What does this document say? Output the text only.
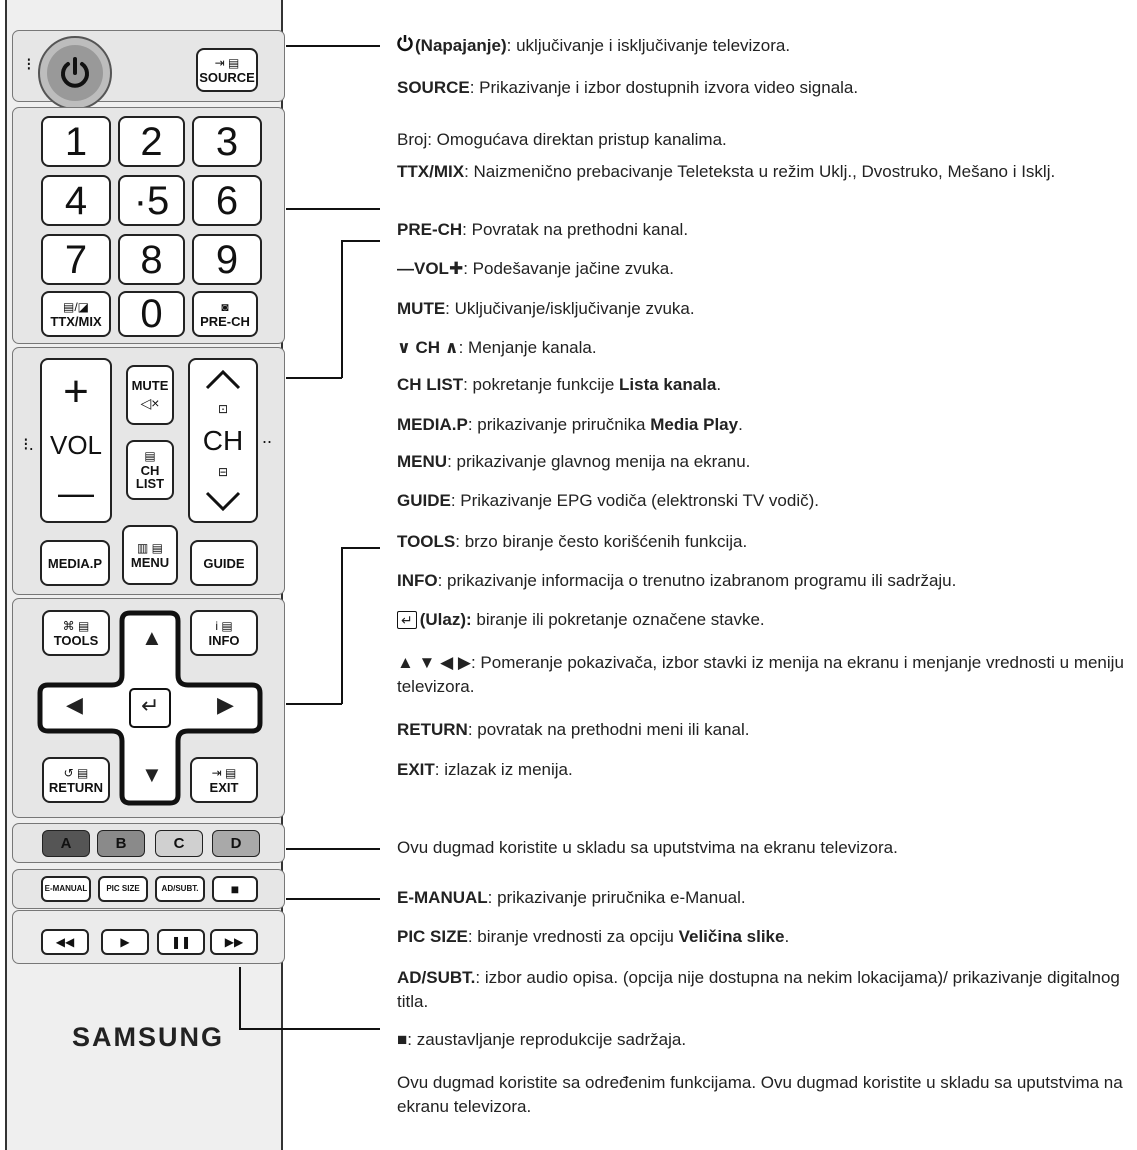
⁝	⇥ ▤
SOURCE
1	2	3
4	·5	6
7	8	9
▤/◪
TTX/MIX 0	◙
PRE-CH
⁝.	..
+
VOL
—
MUTE
◁×
▤
CH
LIST
⊡
CH
⊟
MEDIA.P
▥ ▤
MENU	GUIDE
⌘ ▤
TOOLS
i ▤
INFO
↺ ▤
RETURN
⇥ ▤
EXIT
▲
▼
◀	▶
↵
A	B	C	D
E-MANUAL	PIC SIZE	AD/SUBT.	■
◀◀	▶	❚❚	▶▶
SAMSUNG
(Napajanje): uključivanje i isključivanje televizora.
SOURCE: Prikazivanje i izbor dostupnih izvora video signala.
Broj: Omogućava direktan pristup kanalima.
TTX/MIX: Naizmenično prebacivanje Teleteksta u režim Uklj., Dvostruko, Mešano i Isklj.
PRE-CH: Povratak na prethodni kanal.
—VOL✚: Podešavanje jačine zvuka.
MUTE: Uključivanje/isključivanje zvuka.
∨ CH ∧: Menjanje kanala.
CH LIST: pokretanje funkcije Lista kanala.
MEDIA.P: prikazivanje priručnika Media Play.
MENU: prikazivanje glavnog menija na ekranu.
GUIDE: Prikazivanje EPG vodiča (elektronski TV vodič).
TOOLS: brzo biranje često korišćenih funkcija.
INFO: prikazivanje informacija o trenutno izabranom programu ili sadržaju.
↵ (Ulaz): biranje ili pokretanje označene stavke.
▲ ▼ ◀ ▶: Pomeranje pokazivača, izbor stavki iz menija na ekranu i menjanje vrednosti u meniju televizora.
RETURN: povratak na prethodni meni ili kanal.
EXIT: izlazak iz menija.
Ovu dugmad koristite u skladu sa uputstvima na ekranu televizora.
E-MANUAL: prikazivanje priručnika e-Manual.
PIC SIZE: biranje vrednosti za opciju Veličina slike.
AD/SUBT.: izbor audio opisa. (opcija nije dostupna na nekim lokacijama)/ prikazivanje digitalnog titla.
■: zaustavljanje reprodukcije sadržaja.
Ovu dugmad koristite sa određenim funkcijama. Ovu dugmad koristite u skladu sa uputstvima na ekranu televizora.
